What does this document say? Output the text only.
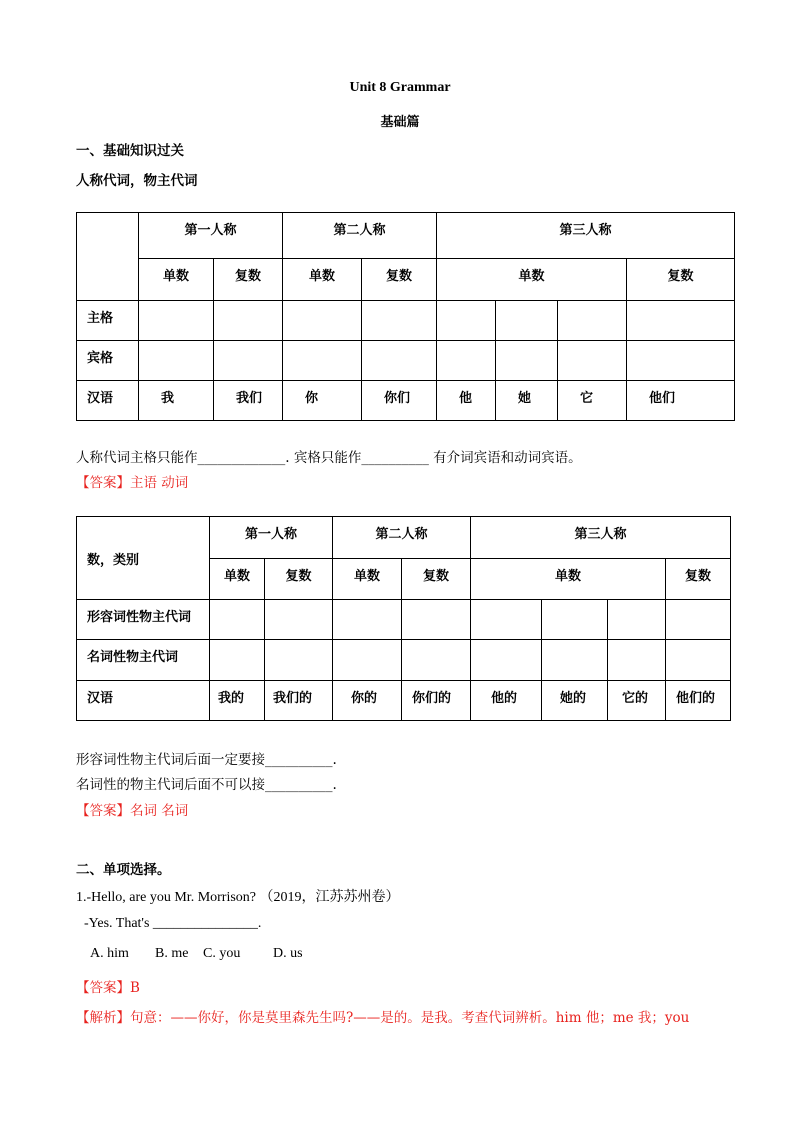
Unit 8 Grammar
基础篇
一、基础知识过关
人称代词，物主代词
	第一人称		第二人称		第三人称			
	单数	复数	单数	复数	单数			复数
主格								
宾格								
汉语	我	我们	你	你们	他	她	它	他们
人称代词主格只能作_____________. 宾格只能作__________ 有介词宾语和动词宾语。
【答案】主语 动词
数，类别	第一人称		第二人称		第三人称			
	单数	复数	单数	复数	单数			复数
形容词性物主代词								
名词性物主代词								
汉语	我的	我们的	你的	你们的	他的	她的	它的	他们的
形容词性物主代词后面一定要接__________.
名词性的物主代词后面不可以接__________.
【答案】名词 名词
二、单项选择。
1.-Hello, are you Mr. Morrison? （2019，江苏苏州卷）
-Yes. That's _______________.
A. him B. me C. you D. us
【答案】B
【解析】句意：——你好，你是莫里森先生吗?——是的。是我。考查代词辨析。him 他；me 我；you
